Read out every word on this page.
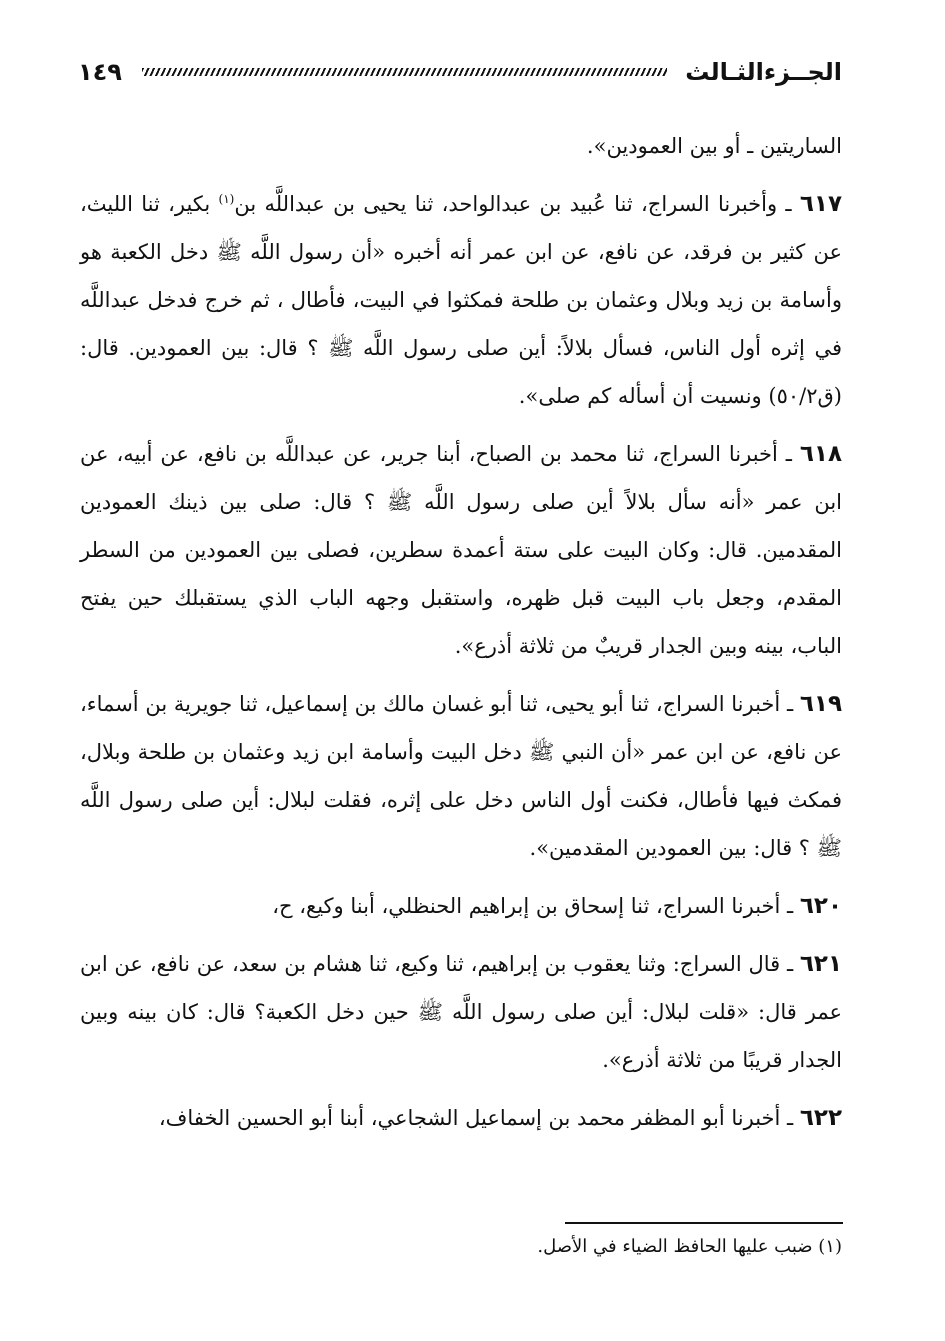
الجــزءالثـالث
١٤٩

الساريتين ـ أو بين العمودين».

٦١٧ ـ وأخبرنا السراج، ثنا عُبيد بن عبدالواحد، ثنا يحيى بن عبداللَّه بن$^{(١)}$ بكير، ثنا الليث، عن كثير بن فرقد، عن نافع، عن ابن عمر أنه أخبره «أن رسول اللَّه ﷺ دخل الكعبة هو وأسامة بن زيد وبلال وعثمان بن طلحة فمكثوا في البيت، فأطال ، ثم خرج فدخل عبداللَّه في إثره أول الناس، فسأل بلالاً: أين صلى رسول اللَّه ﷺ ؟ قال: بين العمودين. قال: (ق٥٠/٢) ونسيت أن أسأله كم صلى».

٦١٨ ـ أخبرنا السراج، ثنا محمد بن الصباح، أبنا جرير، عن عبداللَّه بن نافع، عن أبيه، عن ابن عمر «أنه سأل بلالاً أين صلى رسول اللَّه ﷺ ؟ قال: صلى بين ذينك العمودين المقدمين. قال: وكان البيت على ستة أعمدة سطرين، فصلى بين العمودين من السطر المقدم، وجعل باب البيت قبل ظهره، واستقبل وجهه الباب الذي يستقبلك حين يفتح الباب، بينه وبين الجدار قريبٌ من ثلاثة أذرع».

٦١٩ ـ أخبرنا السراج، ثنا أبو يحيى، ثنا أبو غسان مالك بن إسماعيل، ثنا جويرية بن أسماء، عن نافع، عن ابن عمر «أن النبي ﷺ دخل البيت وأسامة ابن زيد وعثمان بن طلحة وبلال، فمكث فيها فأطال، فكنت أول الناس دخل على إثره، فقلت لبلال: أين صلى رسول اللَّه ﷺ ؟ قال: بين العمودين المقدمين».

٦٢٠ ـ أخبرنا السراج، ثنا إسحاق بن إبراهيم الحنظلي، أبنا وكيع، ح،

٦٢١ ـ قال السراج: وثنا يعقوب بن إبراهيم، ثنا وكيع، ثنا هشام بن سعد، عن نافع، عن ابن عمر قال: «قلت لبلال: أين صلى رسول اللَّه ﷺ حين دخل الكعبة؟ قال: كان بينه وبين الجدار قريبًا من ثلاثة أذرع».

٦٢٢ ـ أخبرنا أبو المظفر محمد بن إسماعيل الشجاعي، أبنا أبو الحسين الخفاف،

(١) ضبب عليها الحافظ الضياء في الأصل.
